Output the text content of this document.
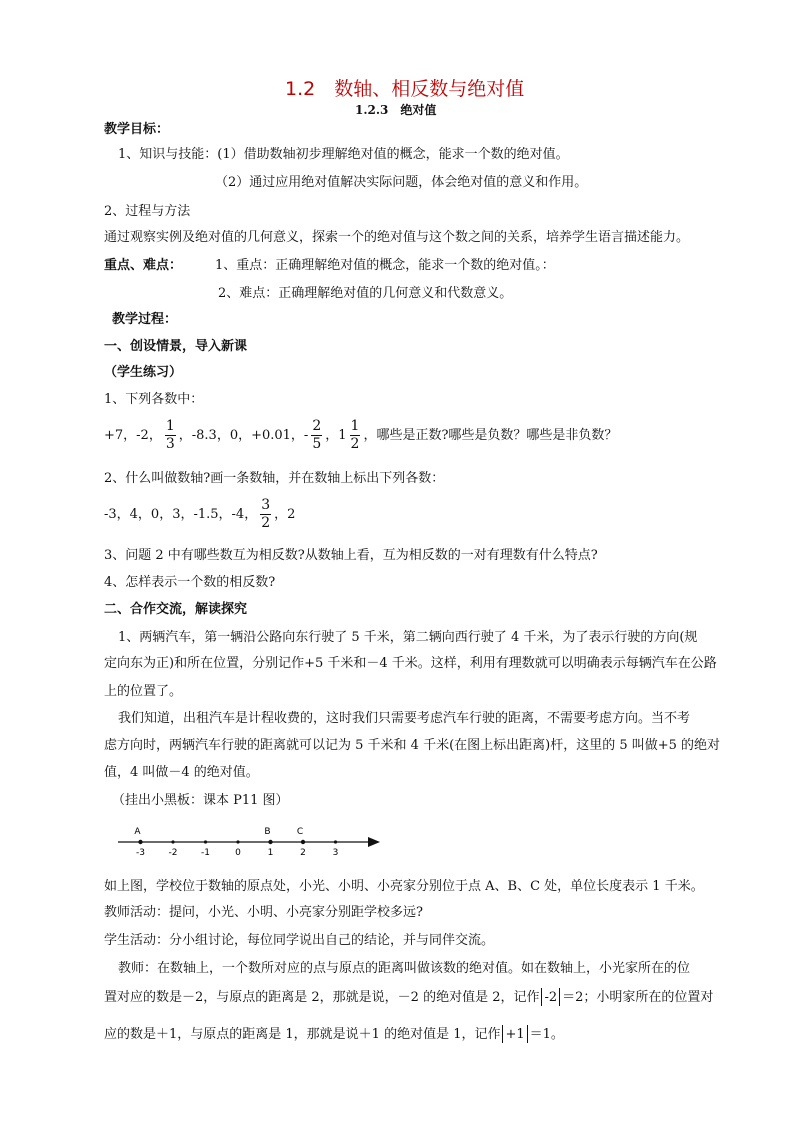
1.2　数轴、相反数与绝对值
1.2.3　绝对值
教学目标：
1、知识与技能：(1）借助数轴初步理解绝对值的概念，能求一个数的绝对值。
（2）通过应用绝对值解决实际问题，体会绝对值的意义和作用。
2、过程与方法
通过观察实例及绝对值的几何意义，探索一个的绝对值与这个数之间的关系，培养学生语言描述能力。
重点、难点：	1、重点：正确理解绝对值的概念，能求一个数的绝对值。：
2、难点：正确理解绝对值的几何意义和代数意义。
教学过程：
一、创设情景，导入新课
（学生练习）
1、下列各数中：
+7，-2， $\frac{1}{3}$ ，-8.3，0，+0.01，- $\frac{2}{5}$ ，$1 \frac{1}{2}$ ，哪些是正数?哪些是负数？哪些是非负数？
2、什么叫做数轴?画一条数轴，并在数轴上标出下列各数：
-3，4，0，3，-1.5，-4， $\frac{3}{2}$ ，2
3、问题 2 中有哪些数互为相反数?从数轴上看，互为相反数的一对有理数有什么特点?
4、怎样表示一个数的相反数?
二、合作交流，解读探究
1、两辆汽车，第一辆沿公路向东行驶了 5 千米，第二辆向西行驶了 4 千米，为了表示行驶的方向(规
定向东为正)和所在位置，分别记作+5 千米和－4 千米。这样，利用有理数就可以明确表示每辆汽车在公路
上的位置了。
我们知道，出租汽车是计程收费的，这时我们只需要考虑汽车行驶的距离，不需要考虑方向。当不考
虑方向时，两辆汽车行驶的距离就可以记为 5 千米和 4 千米(在图上标出距离)杆，这里的 5 叫做+5 的绝对
值，4 叫做－4 的绝对值。
（挂出小黑板：课本 P11 图）
-3	-2	-1	0	1	2	3
A	B	C
如上图，学校位于数轴的原点处，小光、小明、小亮家分别位于点 A、B、C 处，单位长度表示 1 千米。
教师活动：提问，小光、小明、小亮家分别距学校多远?
学生活动：分小组讨论，每位同学说出自己的结论，并与同伴交流。
教师：在数轴上，一个数所对应的点与原点的距离叫做该数的绝对值。如在数轴上，小光家所在的位
置对应的数是－2，与原点的距离是 2，那就是说，－2 的绝对值是 2，记作 -2 ＝2；小明家所在的位置对
应的数是＋1，与原点的距离是 1，那就是说＋1 的绝对值是 1，记作 +1 ＝1。
